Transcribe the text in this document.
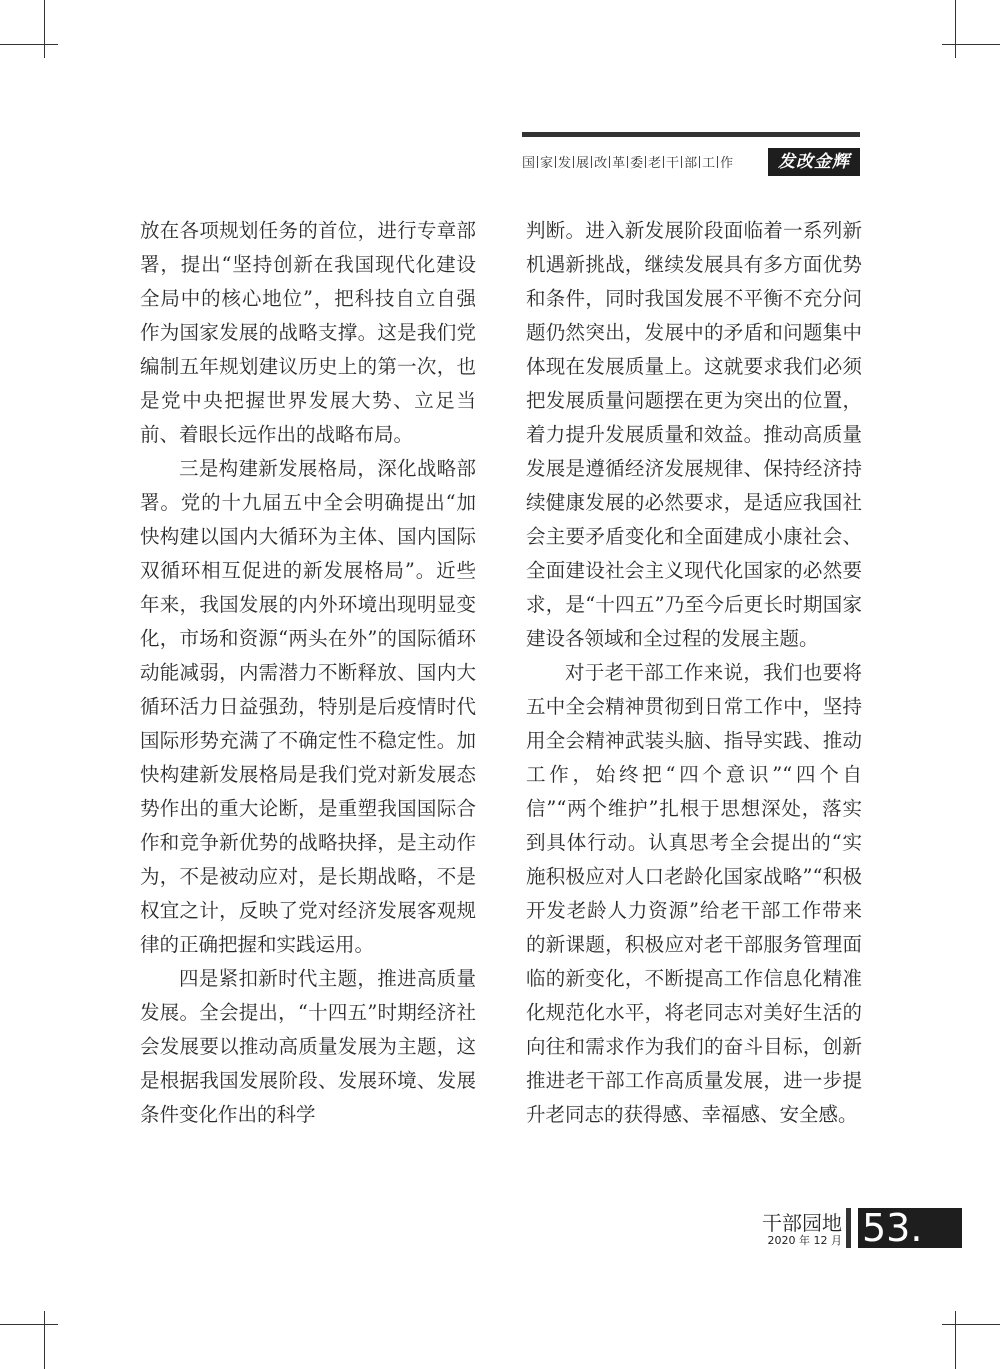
国 家 发 展 改 革 委 老 干 部 工 作	发改金辉

放在各项规划任务的首位，进行专章部署，提出“坚持创新在我国现代化建设全局中的核心地位”，把科技自立自强作为国家发展的战略支撑。这是我们党编制五年规划建议历史上的第一次，也是党中央把握世界发展大势、立足当前、着眼长远作出的战略布局。

三是构建新发展格局，深化战略部署。党的十九届五中全会明确提出“加快构建以国内大循环为主体、国内国际双循环相互促进的新发展格局”。近些年来，我国发展的内外环境出现明显变化，市场和资源“两头在外”的国际循环动能减弱，内需潜力不断释放、国内大循环活力日益强劲，特别是后疫情时代国际形势充满了不确定性不稳定性。加快构建新发展格局是我们党对新发展态势作出的重大论断，是重塑我国国际合作和竞争新优势的战略抉择，是主动作为，不是被动应对，是长期战略，不是权宜之计，反映了党对经济发展客观规律的正确把握和实践运用。

四是紧扣新时代主题，推进高质量发展。全会提出，“十四五”时期经济社会发展要以推动高质量发展为主题，这是根据我国发展阶段、发展环境、发展条件变化作出的科学

判断。进入新发展阶段面临着一系列新机遇新挑战，继续发展具有多方面优势和条件，同时我国发展不平衡不充分问题仍然突出，发展中的矛盾和问题集中体现在发展质量上。这就要求我们必须把发展质量问题摆在更为突出的位置，着力提升发展质量和效益。推动高质量发展是遵循经济发展规律、保持经济持续健康发展的必然要求，是适应我国社会主要矛盾变化和全面建成小康社会、全面建设社会主义现代化国家的必然要求，是“十四五”乃至今后更长时期国家建设各领域和全过程的发展主题。

对于老干部工作来说，我们也要将五中全会精神贯彻到日常工作中，坚持用全会精神武装头脑、指导实践、推动工作，始终把“四个意识”“四个自信”“两个维护”扎根于思想深处，落实到具体行动。认真思考全会提出的“实施积极应对人口老龄化国家战略”“积极开发老龄人力资源”给老干部工作带来的新课题，积极应对老干部服务管理面临的新变化，不断提高工作信息化精准化规范化水平，将老同志对美好生活的向往和需求作为我们的奋斗目标，创新推进老干部工作高质量发展，进一步提升老同志的获得感、幸福感、安全感。

干部园地
2020 年 12 月 53.
